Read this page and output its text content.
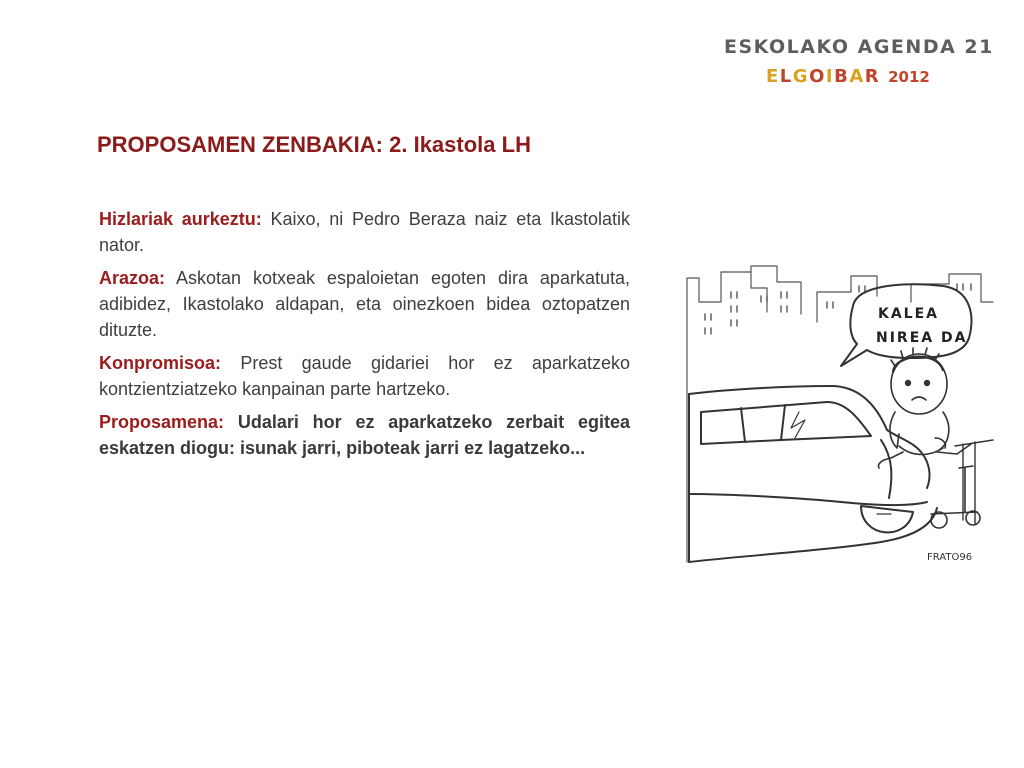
ESKOLAKO AGENDA 21
ELGOIBAR 2012
PROPOSAMEN ZENBAKIA: 2. Ikastola LH

Hizlariak aurkeztu: Kaixo, ni Pedro Beraza naiz eta Ikastolatik nator.

Arazoa: Askotan kotxeak espaloietan egoten dira aparkatuta, adibidez, Ikastolako aldapan, eta oinezkoen bidea oztopatzen dituzte.

Konpromisoa: Prest gaude gidariei hor ez aparkatzeko kontzientziatzeko kanpainan parte hartzeko.

Proposamena: Udalari hor ez aparkatzeko zerbait egitea eskatzen diogu: isunak jarri, piboteak jarri ez lagatzeko...

KALEA
NIREA DA
FRATO96
